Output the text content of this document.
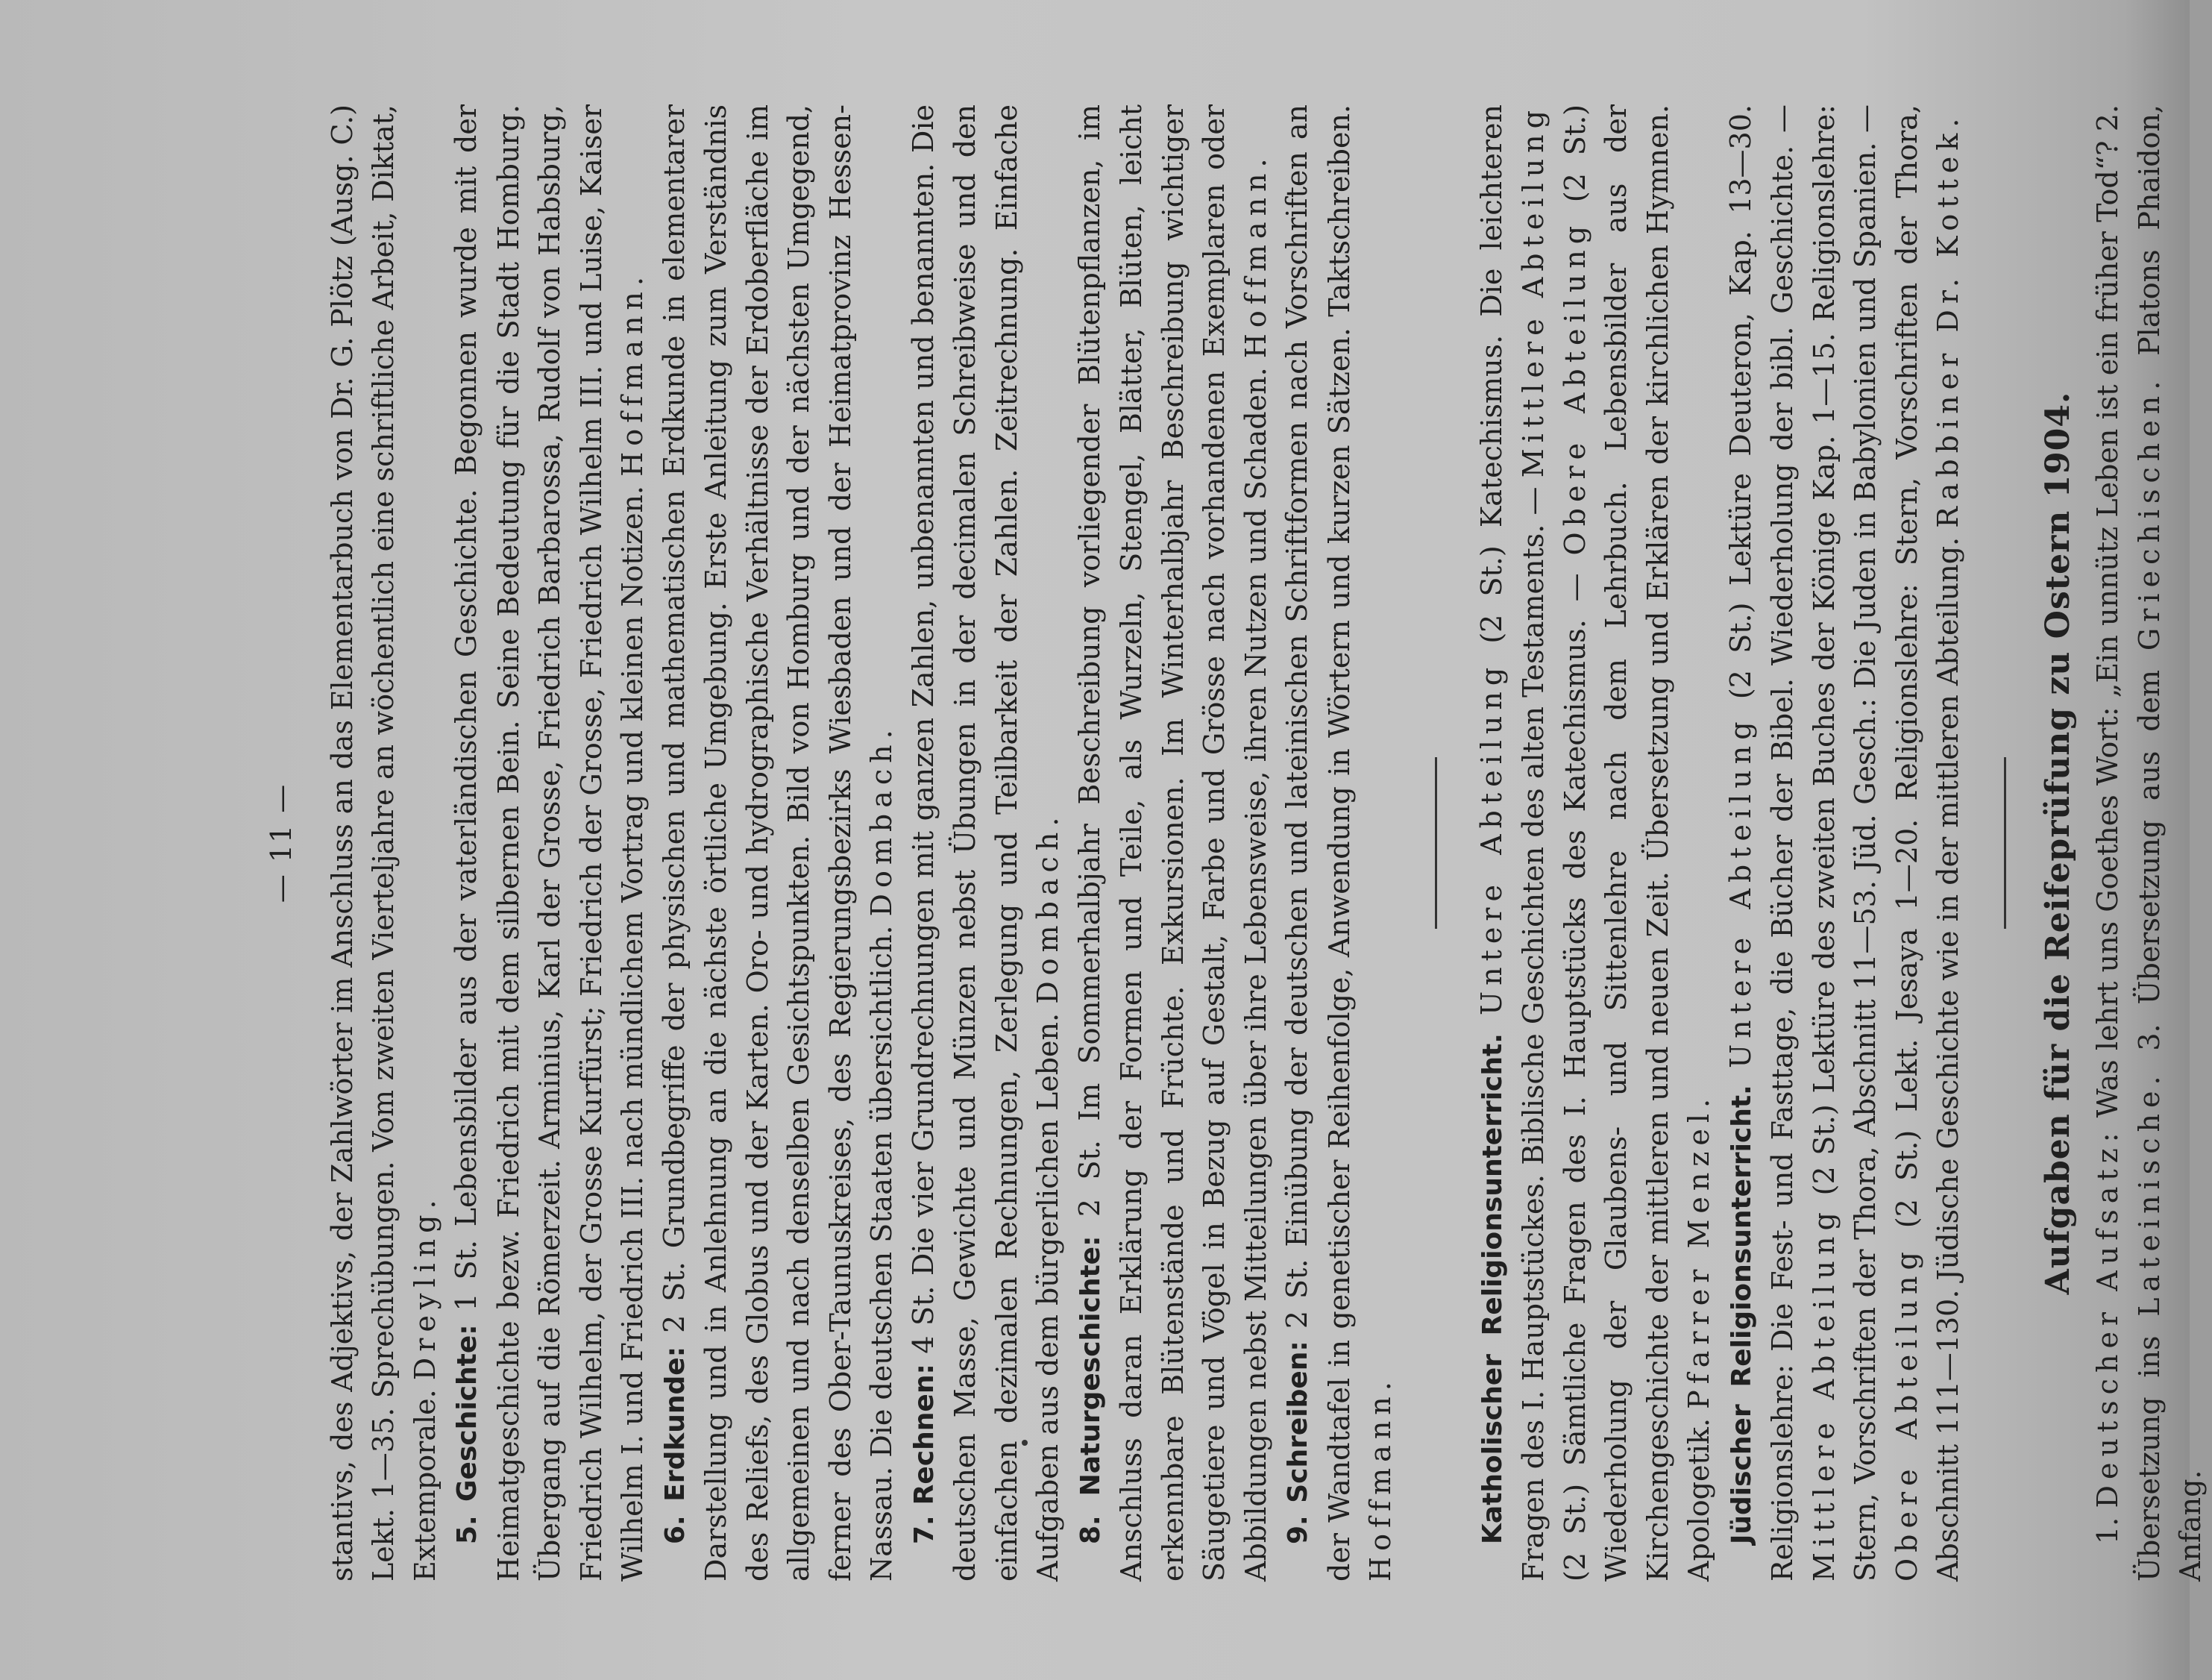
— 11 — stantivs, des Adjektivs, der Zahlwörter im Anschluss an das Elementarbuch von Dr. G. Plötz (Ausg. C.) Lekt. 1—35. Sprechübungen. Vom zweiten Vierteljahre an wöchentlich eine schriftliche Arbeit, Diktat, Extemporale. Dreyling.

5. Geschichte: 1 St. Lebensbilder aus der vaterländischen Geschichte. Begonnen wurde mit der Heimatgeschichte bezw. Friedrich mit dem silbernen Bein. Seine Bedeutung für die Stadt Homburg. Übergang auf die Römerzeit. Arminius, Karl der Grosse, Friedrich Barbarossa, Rudolf von Habsburg, Friedrich Wilhelm, der Grosse Kurfürst; Friedrich der Grosse, Friedrich Wilhelm III. und Luise, Kaiser Wilhelm I. und Friedrich III. nach mündlichem Vortrag und kleinen Notizen. Hoffmann.

6. Erdkunde: 2 St. Grundbegriffe der physischen und mathematischen Erdkunde in elementarer Darstellung und in Anlehnung an die nächste örtliche Umgebung. Erste Anleitung zum Verständnis des Reliefs, des Globus und der Karten. Oro- und hydrographische Verhältnisse der Erdoberfläche im allgemeinen und nach denselben Gesichtspunkten. Bild von Homburg und der nächsten Umgegend, ferner des Ober-Taunuskreises, des Regierungsbezirks Wiesbaden und der Heimatprovinz Hessen-Nassau. Die deutschen Staaten übersichtlich. Dombach.

7. Rechnen: 4 St. Die vier Grundrechnungen mit ganzen Zahlen, unbenannten und benannten. Die deutschen Masse, Gewichte und Münzen nebst Übungen in der decimalen Schreibweise und den einfachen dezimalen Rechnungen, Zerlegung und Teilbarkeit der Zahlen. Zeitrechnung. Einfache Aufgaben aus dem bürgerlichen Leben. Dombach.

8. Naturgeschichte: 2 St. Im Sommerhalbjahr Beschreibung vorliegender Blütenpflanzen, im Anschluss daran Erklärung der Formen und Teile, als Wurzeln, Stengel, Blätter, Blüten, leicht erkennbare Blütenstände und Früchte. Exkursionen. Im Winterhalbjahr Beschreibung wichtiger Säugetiere und Vögel in Bezug auf Gestalt, Farbe und Grösse nach vorhandenen Exemplaren oder Abbildungen nebst Mitteilungen über ihre Lebensweise, ihren Nutzen und Schaden. Hoffmann.

9. Schreiben: 2 St. Einübung der deutschen und lateinischen Schriftformen nach Vorschriften an der Wandtafel in genetischer Reihenfolge, Anwendung in Wörtern und kurzen Sätzen. Taktschreiben. Hoffmann.	Katholischer Religionsunterricht. Untere Abteilung (2 St.) Katechismus. Die leichteren Fragen des I. Hauptstückes. Biblische Geschichten des alten Testaments. — Mittlere Abteilung (2 St.) Sämtliche Fragen des I. Hauptstücks des Katechismus. — Obere Abteilung (2 St.) Wiederholung der Glaubens- und Sittenlehre nach dem Lehrbuch. Lebensbilder aus der Kirchengeschichte der mittleren und neuen Zeit. Übersetzung und Erklären der kirchlichen Hymnen. Apologetik. Pfarrer Menzel. Jüdischer Religionsunterricht. Untere Abteilung (2 St.) Lektüre Deuteron, Kap. 13—30. Religionslehre: Die Fest- und Fasttage, die Bücher der Bibel. Wiederholung der bibl. Geschichte. — Mittlere Abteilung (2 St.) Lektüre des zweiten Buches der Könige Kap. 1—15. Religionslehre: Stern, Vorschriften der Thora, Abschnitt 11—53. Jüd. Gesch.: Die Juden in Babylonien und Spanien. — Obere Abteilung (2 St.) Lekt. Jesaya 1—20. Religionslehre: Stern, Vorschriften der Thora, Abschnitt 111—130. Jüdische Geschichte wie in der mittleren Abteilung. Rabbiner Dr. Kottek.

Aufgaben für die Reifeprüfung zu Ostern 1904.

1. Deutscher Aufsatz: Was lehrt uns Goethes Wort: „Ein unnütz Leben ist ein früher Tod“? 2. Übersetzung ins Lateinische. 3. Übersetzung aus dem Griechischen. Platons Phaidon, Anfang.
